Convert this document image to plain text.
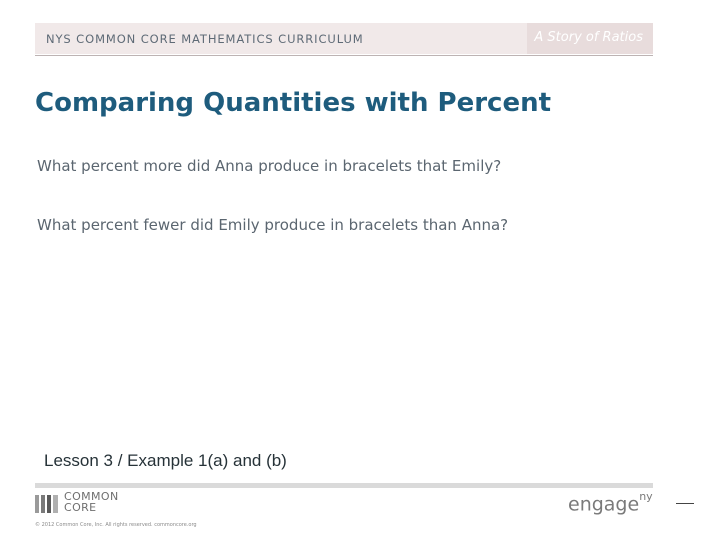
NYS COMMON CORE MATHEMATICS CURRICULUM	A Story of Ratios
Comparing Quantities with Percent
What percent more did Anna produce in bracelets that Emily?
What percent fewer did Emily produce in bracelets than Anna?
Lesson 3 / Example 1(a) and (b)
COMMON
CORE
© 2012 Common Core, Inc. All rights reserved. commoncore.org
engage$^{ny}$
